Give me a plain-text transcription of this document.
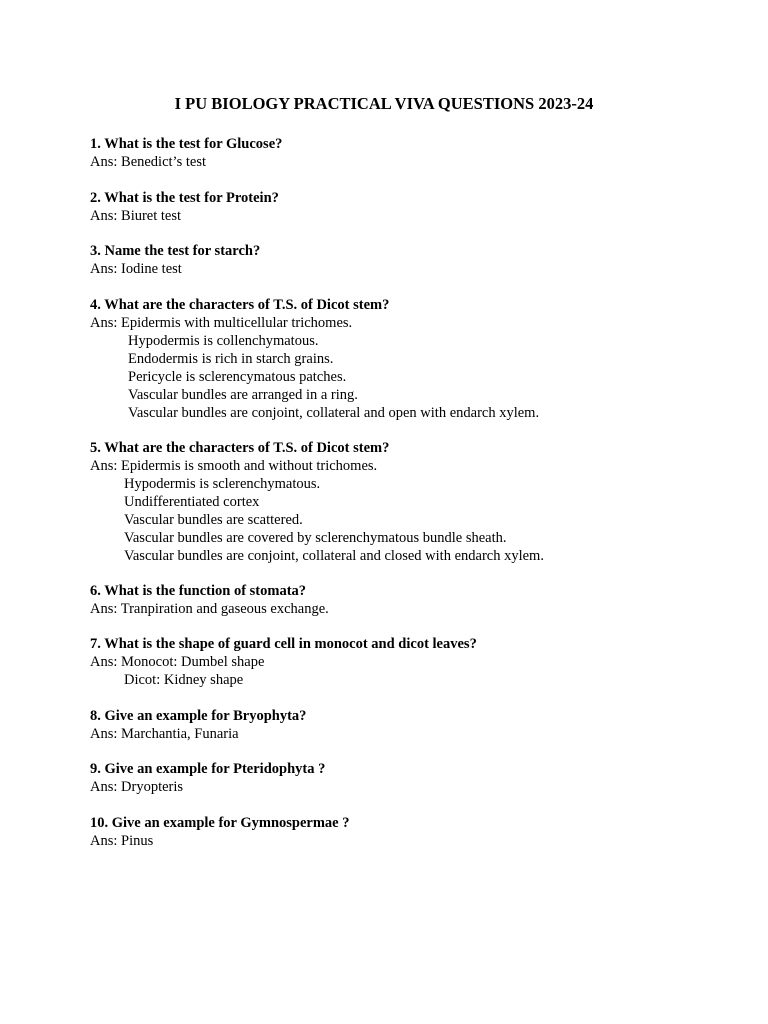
I PU BIOLOGY PRACTICAL VIVA QUESTIONS 2023-24
1. What is the test for Glucose?
Ans: Benedict’s test
2. What is the test for Protein?
Ans: Biuret test
3. Name the test for starch?
Ans: Iodine test
4. What are the characters of T.S. of Dicot stem?
Ans: Epidermis with multicellular trichomes.
Hypodermis is collenchymatous.
Endodermis is rich in starch grains.
Pericycle is sclerencymatous patches.
Vascular bundles are arranged in a ring.
Vascular bundles are conjoint, collateral and open with endarch xylem.
5. What are the characters of T.S. of Dicot stem?
Ans: Epidermis is smooth and without trichomes.
Hypodermis is sclerenchymatous.
Undifferentiated cortex
Vascular bundles are scattered.
Vascular bundles are covered by sclerenchymatous bundle sheath.
Vascular bundles are conjoint, collateral and closed with endarch xylem.
6. What is the function of stomata?
Ans: Tranpiration and gaseous exchange.
7. What is the shape of guard cell in monocot and dicot leaves?
Ans: Monocot: Dumbel shape
Dicot: Kidney shape
8. Give an example for Bryophyta?
Ans: Marchantia, Funaria
9. Give an example for Pteridophyta ?
Ans: Dryopteris
10. Give an example for Gymnospermae ?
Ans: Pinus
